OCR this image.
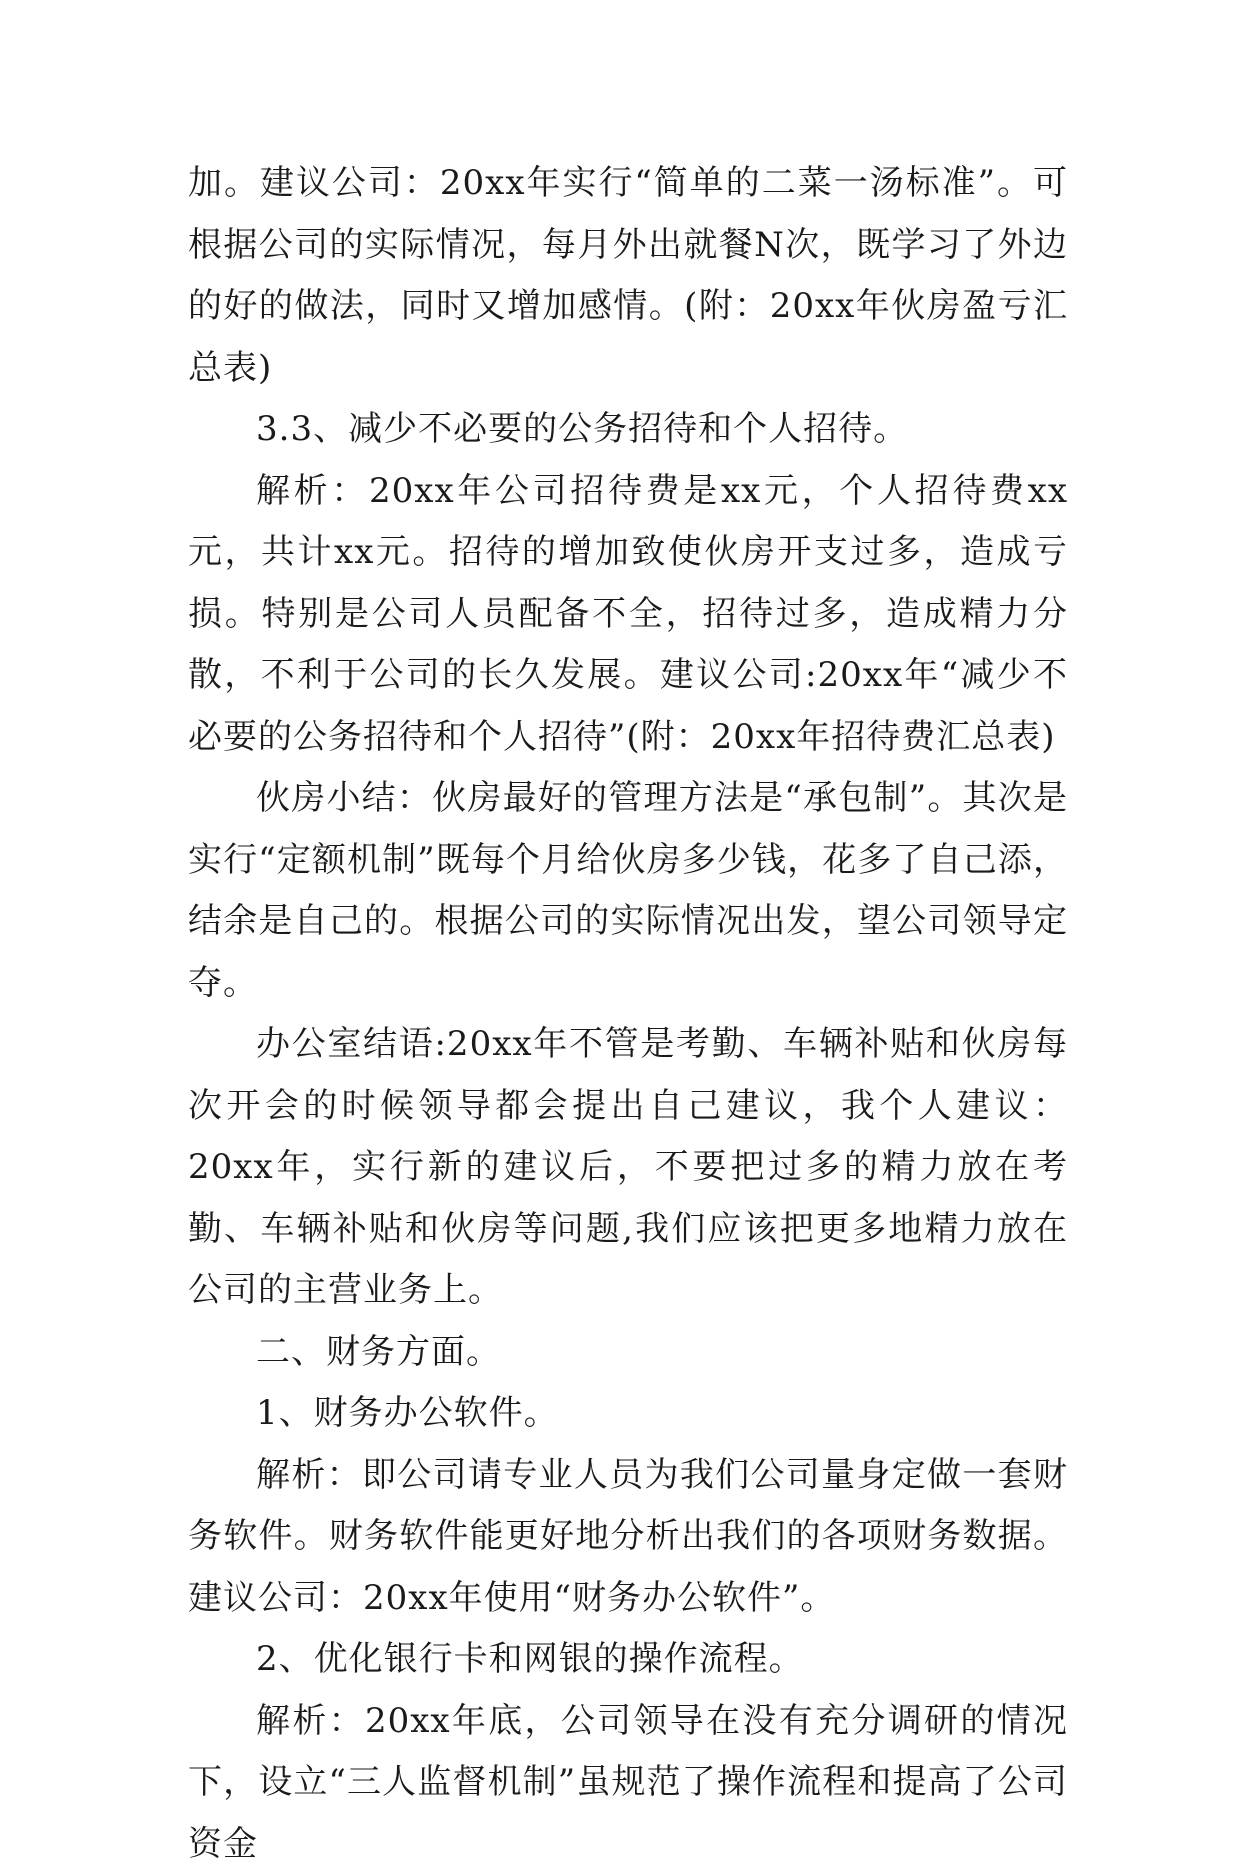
加。建议公司：20xx年实行“简单的二菜一汤标准”。可根据公司的实际情况，每月外出就餐N次，既学习了外边的好的做法，同时又增加感情。(附：20xx年伙房盈亏汇总表)

3.3、减少不必要的公务招待和个人招待。

解析：20xx年公司招待费是xx元，个人招待费xx元，共计xx元。招待的增加致使伙房开支过多，造成亏损。特别是公司人员配备不全，招待过多，造成精力分散，不利于公司的长久发展。建议公司:20xx年“减少不必要的公务招待和个人招待”(附：20xx年招待费汇总表)

伙房小结：伙房最好的管理方法是“承包制”。其次是实行“定额机制”既每个月给伙房多少钱，花多了自己添，结余是自己的。根据公司的实际情况出发，望公司领导定夺。

办公室结语:20xx年不管是考勤、车辆补贴和伙房每次开会的时候领导都会提出自己建议，我个人建议：20xx年，实行新的建议后，不要把过多的精力放在考勤、车辆补贴和伙房等问题,我们应该把更多地精力放在公司的主营业务上。

二、财务方面。

1、财务办公软件。

解析：即公司请专业人员为我们公司量身定做一套财务软件。财务软件能更好地分析出我们的各项财务数据。建议公司：20xx年使用“财务办公软件”。

2、优化银行卡和网银的操作流程。

解析：20xx年底，公司领导在没有充分调研的情况下，设立“三人监督机制”虽规范了操作流程和提高了公司资金
